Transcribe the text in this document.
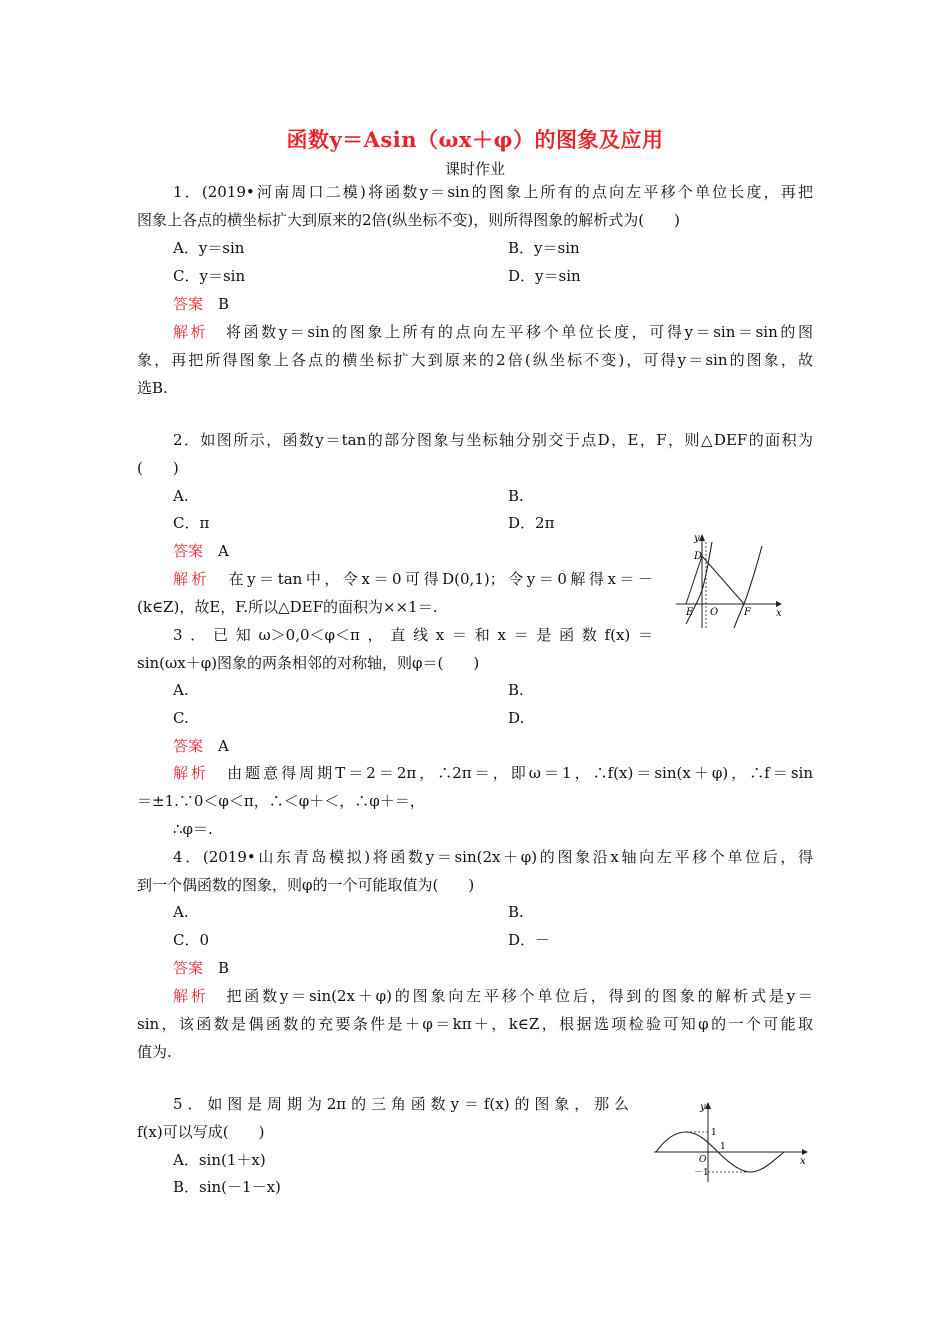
函数y＝Asin（ωx＋φ）的图象及应用
课时作业
1．(2019•河南周口二模)将函数y＝sin的图象上所有的点向左平移个单位长度，再把
图象上各点的横坐标扩大到原来的2倍(纵坐标不变)，则所得图象的解析式为(　　)
A．y＝sin	B．y＝sin
C．y＝sin	D．y＝sin
答案　 B
解析　 将函数y＝sin的图象上所有的点向左平移个单位长度，可得y＝sin＝sin的图
象，再把所得图象上各点的横坐标扩大到原来的2倍(纵坐标不变)，可得y＝sin的图象，故
选B.
2．如图所示，函数y＝tan的部分图象与坐标轴分别交于点D，E，F，则△DEF的面积为
(　　)
A.	B.
C．π	D．2π
答案　 A
解析　 在y＝tan中，令x＝0可得D(0,1)；令y＝0解得x＝－
(k∈Z)，故E，F.所以△DEF的面积为××1＝.
y
x
D
E O	F
3．已知ω＞0,0＜φ＜π，直线x＝和x＝是函数f(x)＝
sin(ωx＋φ)图象的两条相邻的对称轴，则φ＝(　　)
A.	B.
C.	D.
答案　 A
解析　 由题意得周期T＝2＝2π，∴2π＝，即ω＝1，∴f(x)＝sin(x＋φ)，∴f＝sin
＝±1.∵0＜φ＜π，∴＜φ＋＜，∴φ＋＝，
∴φ＝.
4．(2019•山东青岛模拟)将函数y＝sin(2x＋φ)的图象沿x轴向左平移个单位后，得
到一个偶函数的图象，则φ的一个可能取值为(　　)
A.	B.
C．0	D．－
答案　 B
解析　 把函数y＝sin(2x＋φ)的图象向左平移个单位后，得到的图象的解析式是y＝
sin，该函数是偶函数的充要条件是＋φ＝kπ＋，k∈Z，根据选项检验可知φ的一个可能取
值为.
5．如图是周期为2π的三角函数y＝f(x)的图象，那么
f(x)可以写成(　　)
A．sin(1＋x)
B．sin(－1－x)
y
x
1
1
O
－1
